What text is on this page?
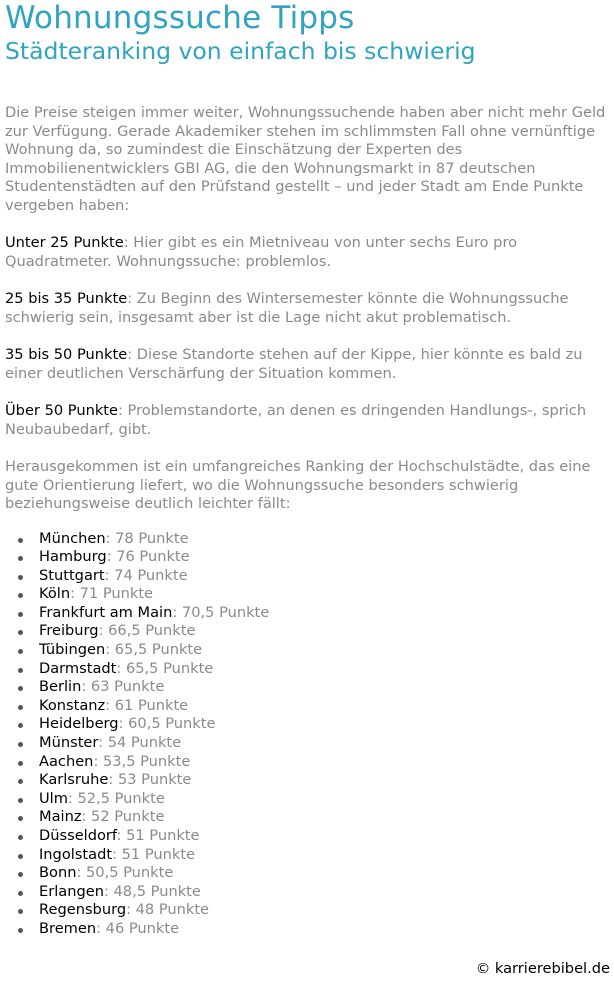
Wohnungssuche Tipps
Städteranking von einfach bis schwierig

Die Preise steigen immer weiter, Wohnungssuchende haben aber nicht mehr Geld zur Verfügung. Gerade Akademiker stehen im schlimmsten Fall ohne vernünftige Wohnung da, so zumindest die Einschätzung der Experten des Immobilienentwicklers GBI AG, die den Wohnungsmarkt in 87 deutschen Studentenstädten auf den Prüfstand gestellt – und jeder Stadt am Ende Punkte vergeben haben:

Unter 25 Punkte: Hier gibt es ein Mietniveau von unter sechs Euro pro Quadratmeter. Wohnungssuche: problemlos.

25 bis 35 Punkte: Zu Beginn des Wintersemester könnte die Wohnungssuche schwierig sein, insgesamt aber ist die Lage nicht akut problematisch.

35 bis 50 Punkte: Diese Standorte stehen auf der Kippe, hier könnte es bald zu einer deutlichen Verschärfung der Situation kommen.

Über 50 Punkte: Problemstandorte, an denen es dringenden Handlungs-, sprich Neubaubedarf, gibt.

Herausgekommen ist ein umfangreiches Ranking der Hochschulstädte, das eine gute Orientierung liefert, wo die Wohnungssuche besonders schwierig beziehungsweise deutlich leichter fällt:

München: 78 Punkte
Hamburg: 76 Punkte
Stuttgart: 74 Punkte
Köln: 71 Punkte
Frankfurt am Main: 70,5 Punkte
Freiburg: 66,5 Punkte
Tübingen: 65,5 Punkte
Darmstadt: 65,5 Punkte
Berlin: 63 Punkte
Konstanz: 61 Punkte
Heidelberg: 60,5 Punkte
Münster: 54 Punkte
Aachen: 53,5 Punkte
Karlsruhe: 53 Punkte
Ulm: 52,5 Punkte
Mainz: 52 Punkte
Düsseldorf: 51 Punkte
Ingolstadt: 51 Punkte
Bonn: 50,5 Punkte
Erlangen: 48,5 Punkte
Regensburg: 48 Punkte
Bremen: 46 Punkte
© karrierebibel.de
